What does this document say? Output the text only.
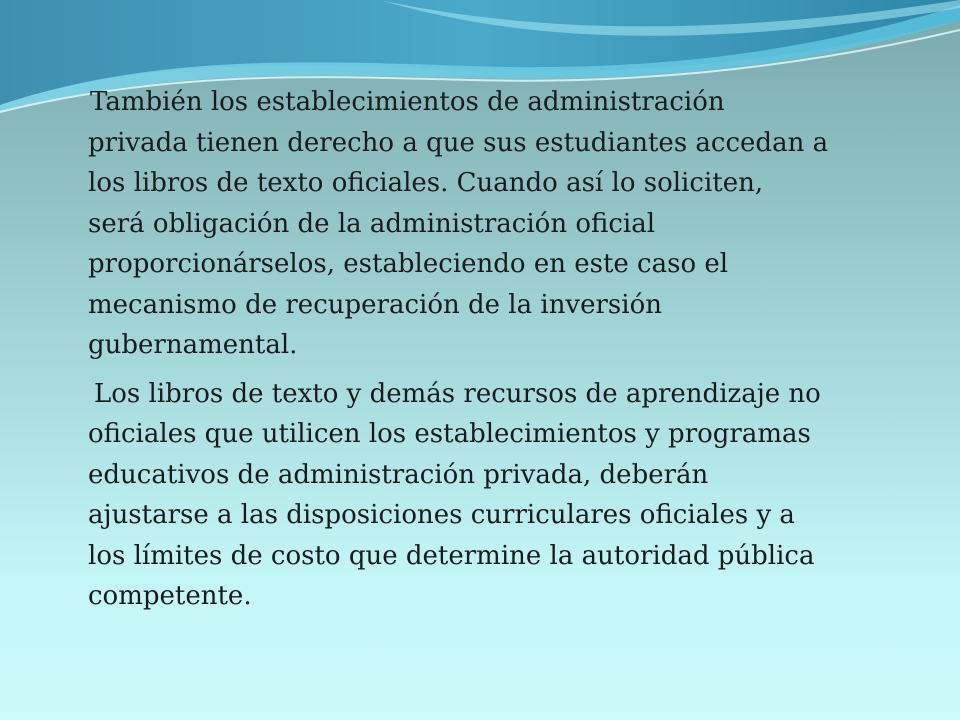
También los establecimientos de administración
privada tienen derecho a que sus estudiantes accedan a
los libros de texto oficiales. Cuando así lo soliciten,
será obligación de la administración oficial
proporcionárselos, estableciendo en este caso el
mecanismo de recuperación de la inversión
gubernamental.

Los libros de texto y demás recursos de aprendizaje no
oficiales que utilicen los establecimientos y programas
educativos de administración privada, deberán
ajustarse a las disposiciones curriculares oficiales y a
los límites de costo que determine la autoridad pública
competente.
